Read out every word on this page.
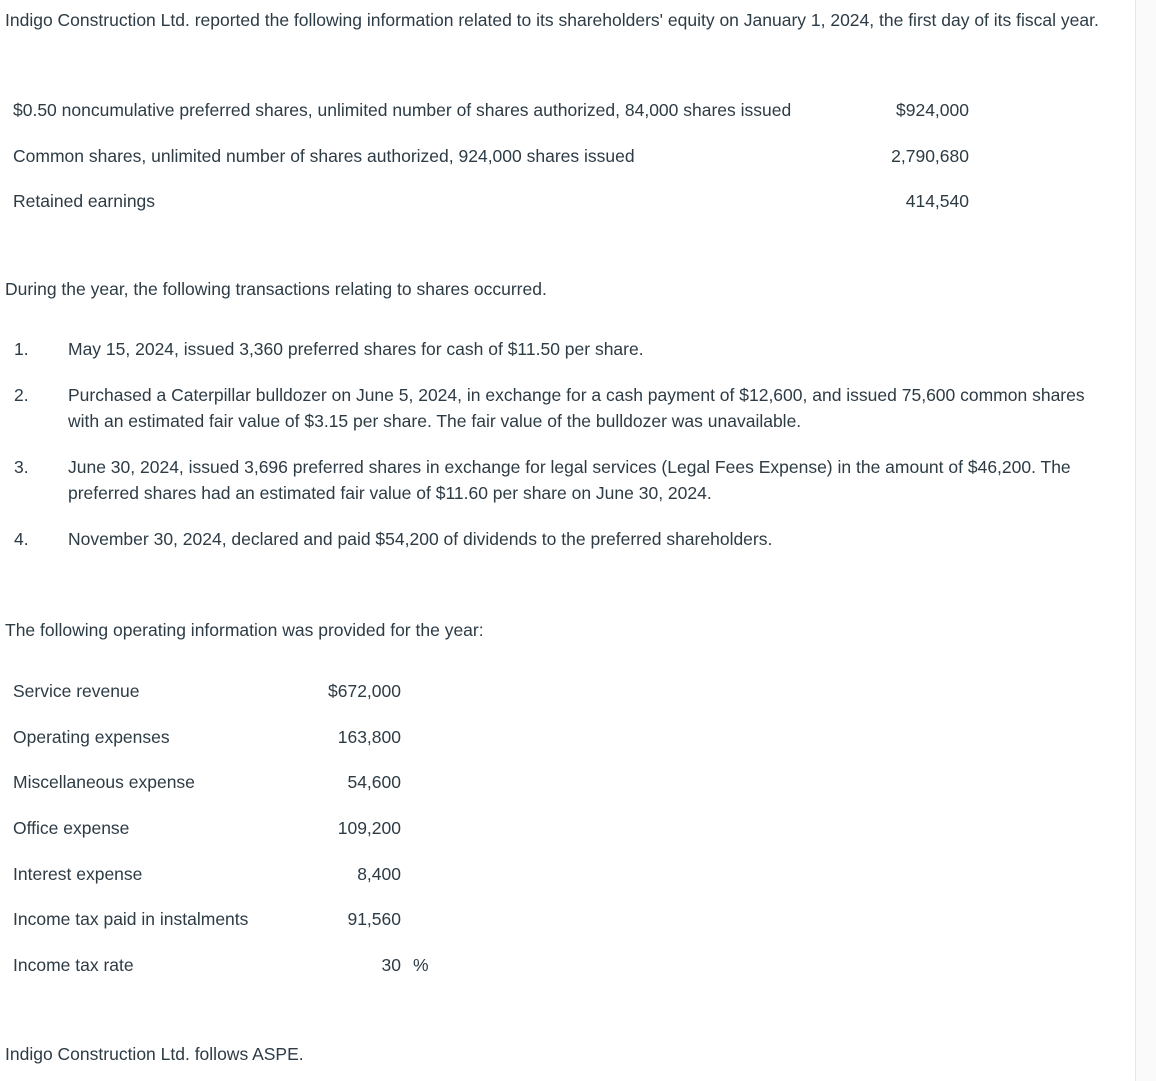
Indigo Construction Ltd. reported the following information related to its shareholders' equity on January 1, 2024, the first day of its fiscal year.

$0.50 noncumulative preferred shares, unlimited number of shares authorized, 84,000 shares issued	$924,000
Common shares, unlimited number of shares authorized, 924,000 shares issued	2,790,680
Retained earnings	414,540

During the year, the following transactions relating to shares occurred.

1. May 15, 2024, issued 3,360 preferred shares for cash of $11.50 per share.
2. Purchased a Caterpillar bulldozer on June 5, 2024, in exchange for a cash payment of $12,600, and issued 75,600 common shares with an estimated fair value of $3.15 per share. The fair value of the bulldozer was unavailable.
3. June 30, 2024, issued 3,696 preferred shares in exchange for legal services (Legal Fees Expense) in the amount of $46,200. The preferred shares had an estimated fair value of $11.60 per share on June 30, 2024.
4. November 30, 2024, declared and paid $54,200 of dividends to the preferred shareholders.

The following operating information was provided for the year:

Service revenue	$672,000	
Operating expenses	163,800	
Miscellaneous expense	54,600	
Office expense	109,200	
Interest expense	8,400	
Income tax paid in instalments	91,560	
Income tax rate	30	%

Indigo Construction Ltd. follows ASPE.
